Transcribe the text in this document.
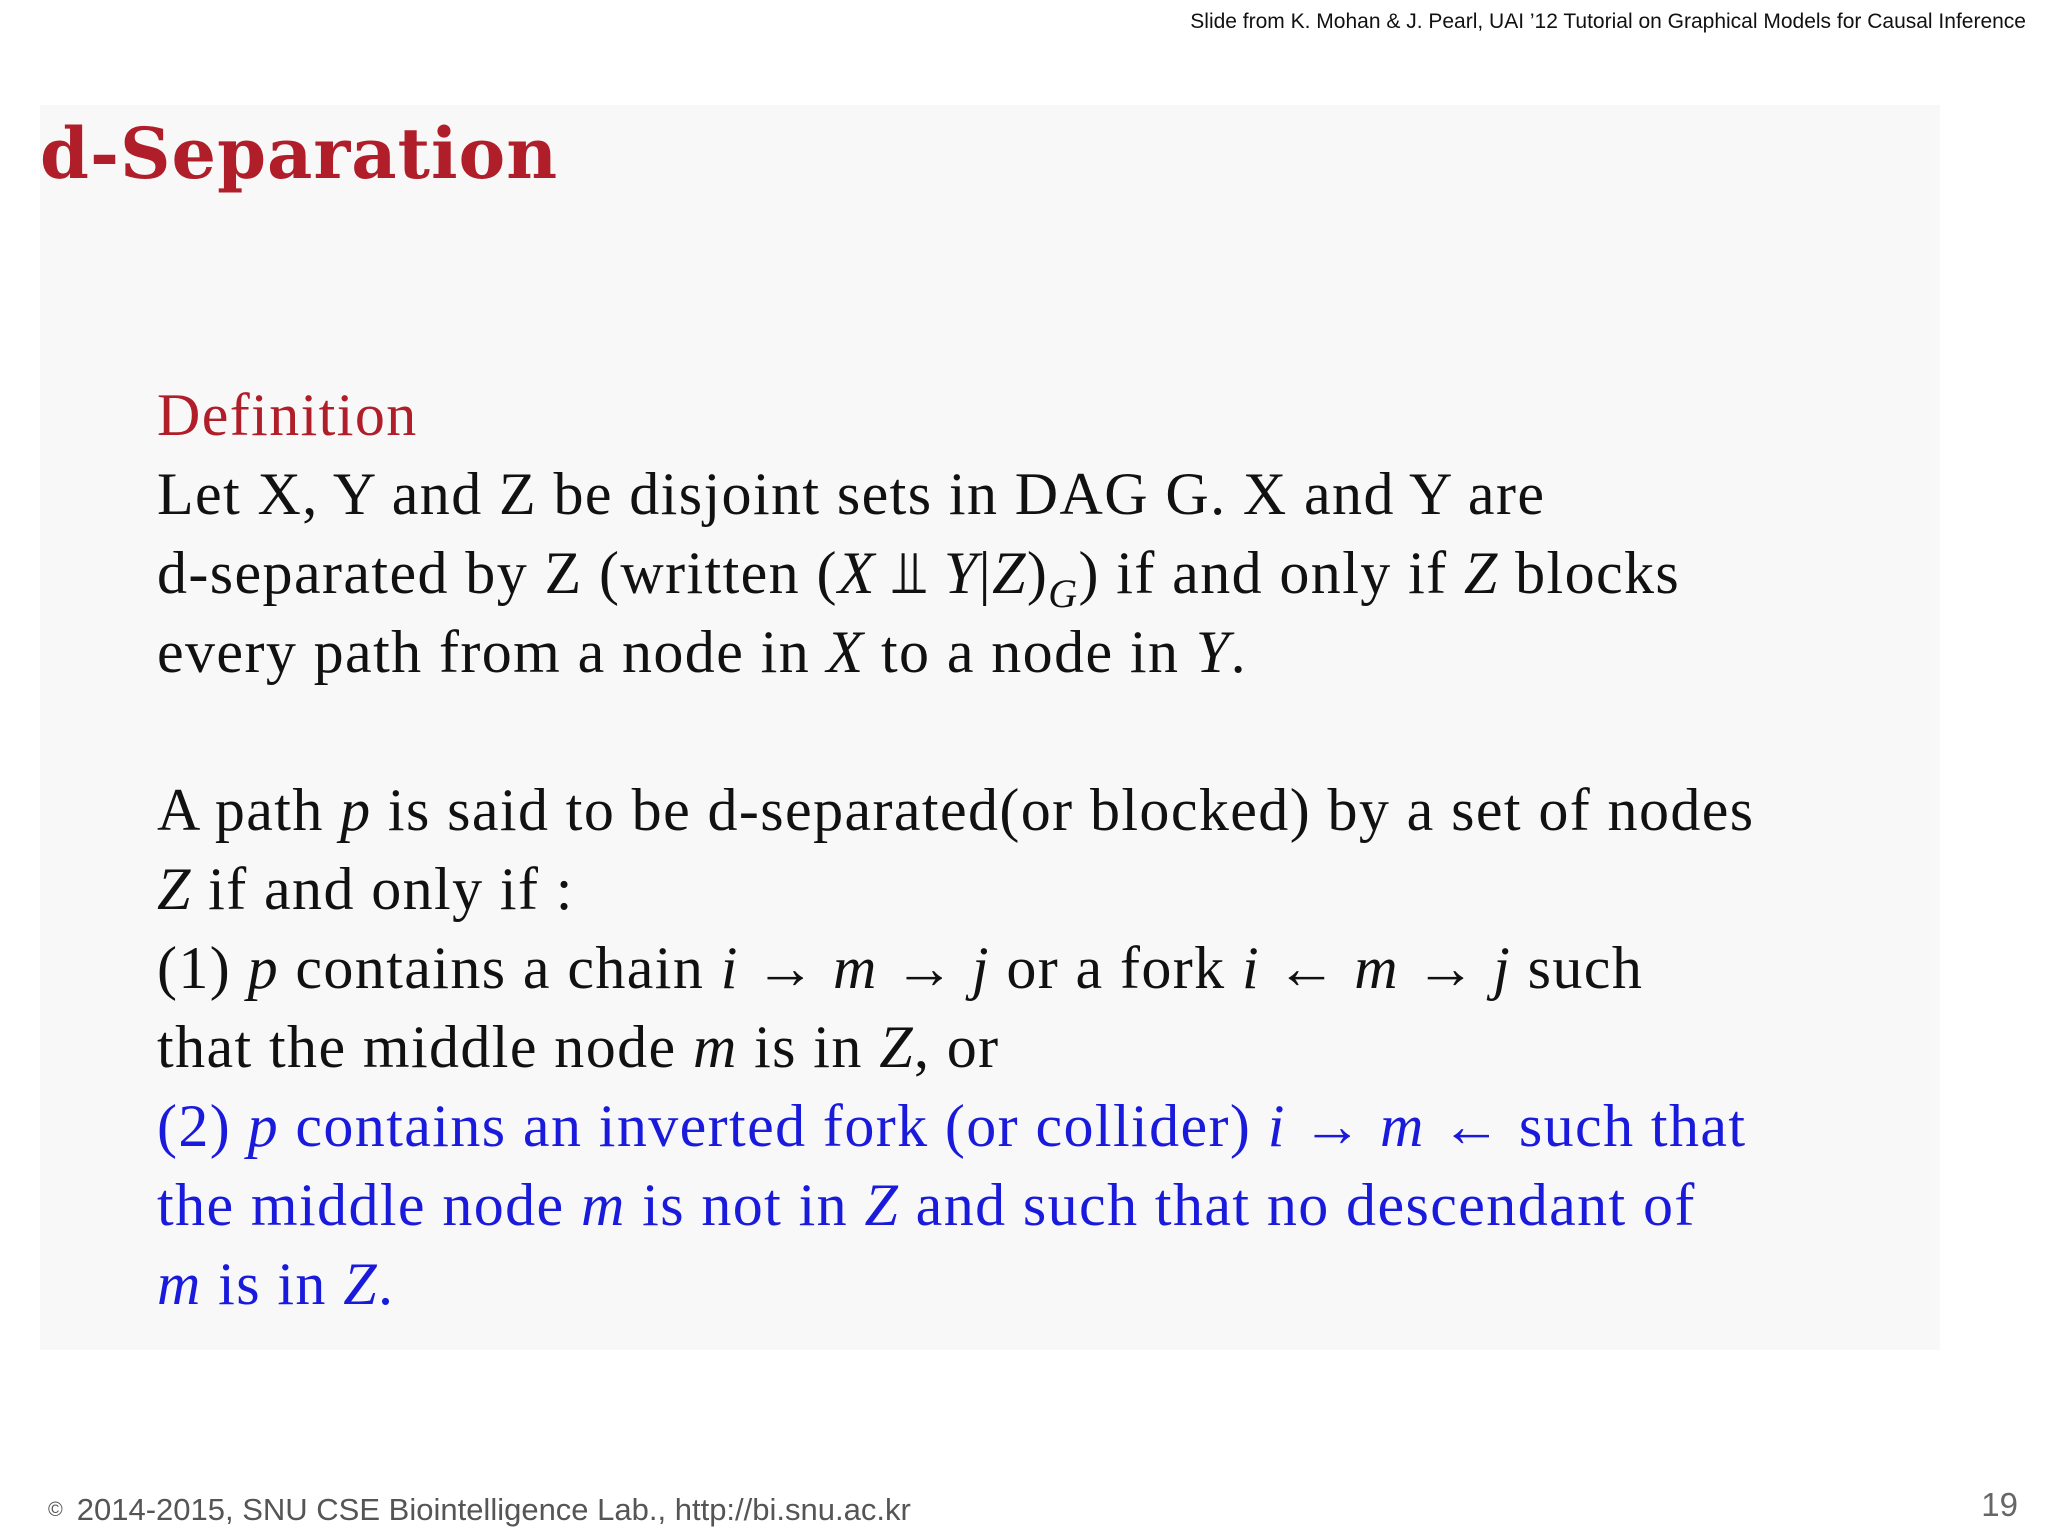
Slide from K. Mohan & J. Pearl, UAI ’12 Tutorial on Graphical Models for Causal Inference
d-Separation
Definition
Let X, Y and Z be disjoint sets in DAG G. X and Y are
d-separated by Z (written (X ⫫ $Y|Z)_G$) if and only if Z blocks
every path from a node in X to a node in Y.
A path p is said to be d-separated(or blocked) by a set of nodes
Z if and only if :
(1) p contains a chain i → m → j or a fork i ← m → j such
that the middle node m is in Z, or
(2) p contains an inverted fork (or collider) i → m ← such that
the middle node m is not in Z and such that no descendant of
m is in Z.
© 2014-2015, SNU CSE Biointelligence Lab., http://bi.snu.ac.kr	19
